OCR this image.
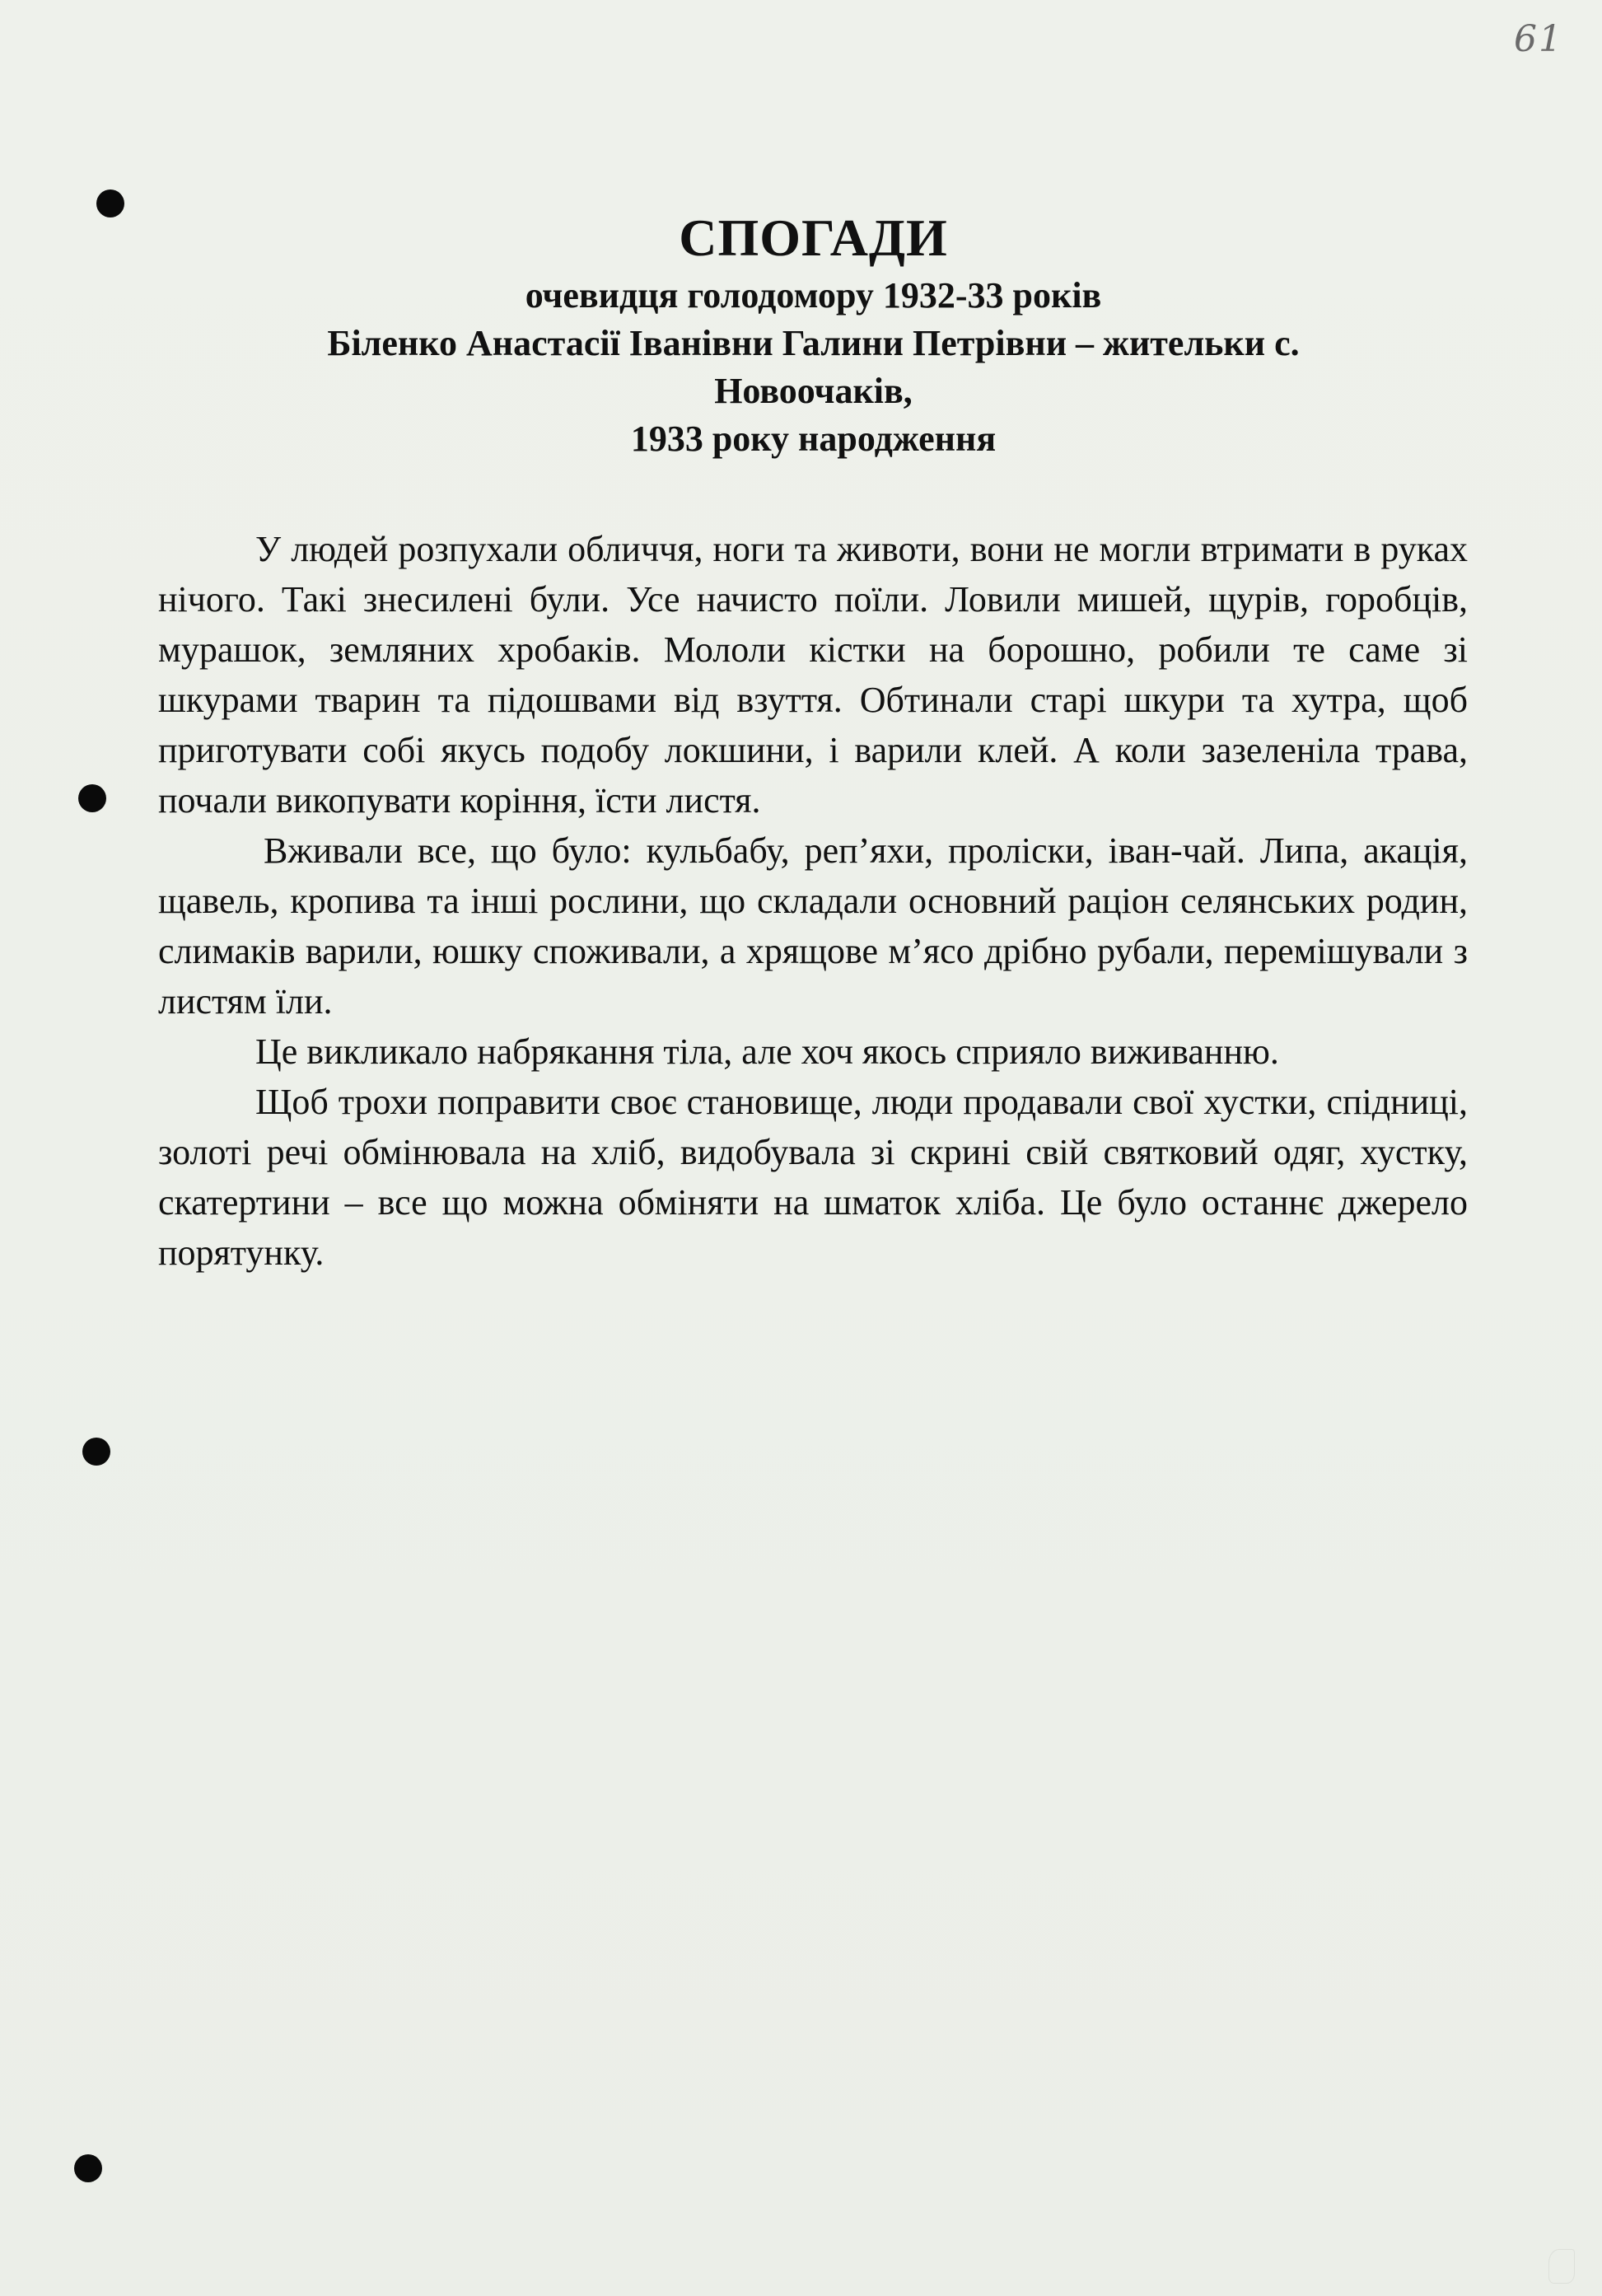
61
СПОГАДИ
очевидця голодомору 1932-33 років
Біленко Анастасії Іванівни Галини Петрівни – жительки с.
Новоочаків,
1933 року народження

У людей розпухали обличчя, ноги та животи, вони не могли втримати в руках нічого. Такі знесилені були. Усе начисто поїли. Ловили мишей, щурів, горобців, мурашок, земляних хробаків. Мололи кістки на борошно, робили те саме зі шкурами тварин та підошвами від взуття. Обтинали старі шкури та хутра, щоб приготувати собі якусь подобу локшини, і варили клей. А коли зазеленіла трава, почали викопувати коріння, їсти листя.

Вживали все, що було: кульбабу, реп’яхи, проліски, іван-чай. Липа, акація, щавель, кропива та інші рослини, що складали основний раціон селянських родин, слимаків варили, юшку споживали, а хрящове м’ясо дрібно рубали, перемішували з листям їли.

Це викликало набрякання тіла, але хоч якось сприяло виживанню.

Щоб трохи поправити своє становище, люди продавали свої хустки, спідниці, золоті речі обмінювала на хліб, видобувала зі скрині свій святковий одяг, хустку, скатертини – все що можна обміняти на шматок хліба. Це було останнє джерело порятунку.
